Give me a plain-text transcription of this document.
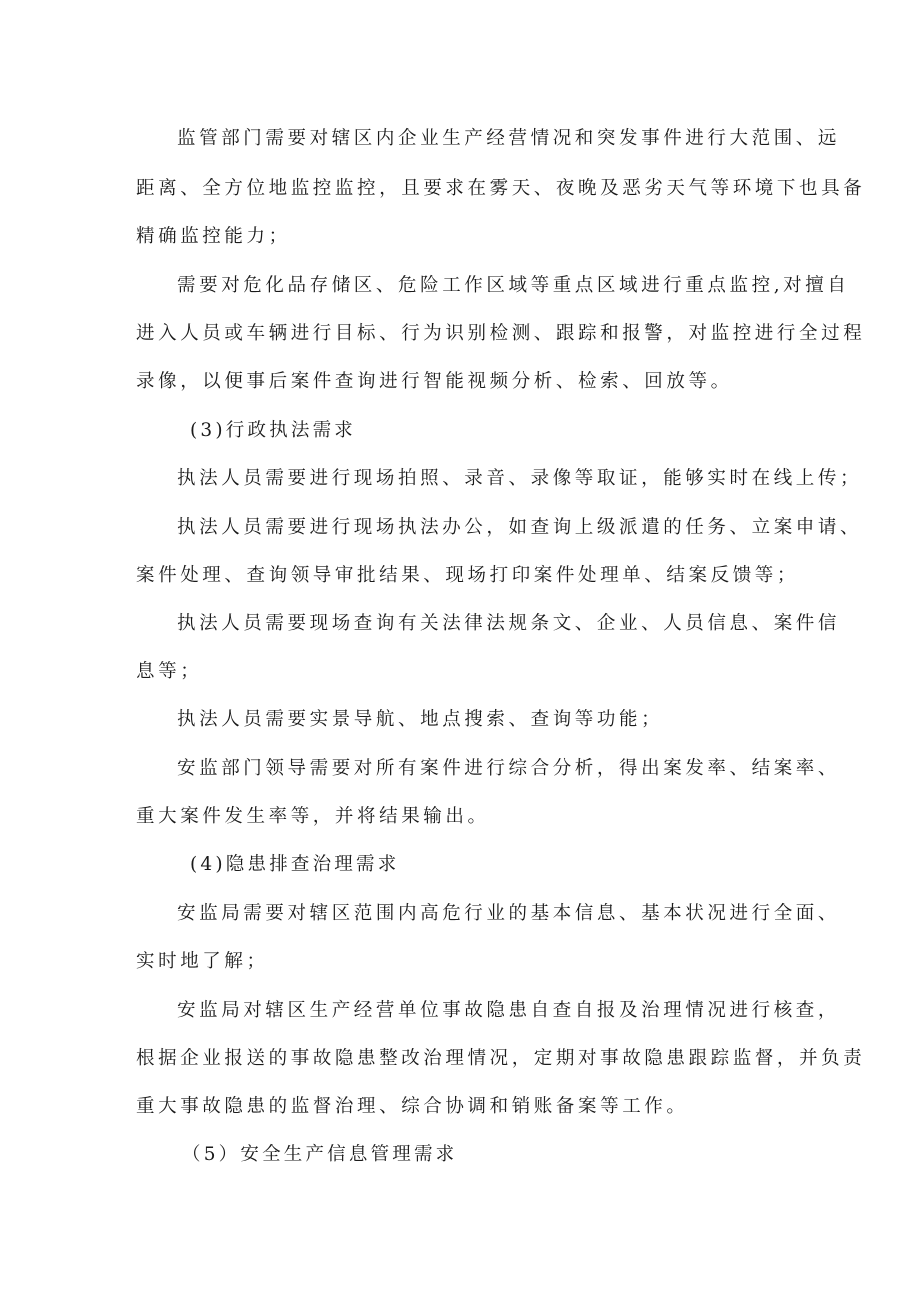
监管部门需要对辖区内企业生产经营情况和突发事件进行大范围、远

距离、全方位地监控监控，且要求在雾天、夜晚及恶劣天气等环境下也具备

精确监控能力；

需要对危化品存储区、危险工作区域等重点区域进行重点监控,对擅自

进入人员或车辆进行目标、行为识别检测、跟踪和报警，对监控进行全过程

录像，以便事后案件查询进行智能视频分析、检索、回放等。

(3)行政执法需求

执法人员需要进行现场拍照、录音、录像等取证，能够实时在线上传；

执法人员需要进行现场执法办公，如查询上级派遣的任务、立案申请、

案件处理、查询领导审批结果、现场打印案件处理单、结案反馈等；

执法人员需要现场查询有关法律法规条文、企业、人员信息、案件信

息等；

执法人员需要实景导航、地点搜索、查询等功能；

安监部门领导需要对所有案件进行综合分析，得出案发率、结案率、

重大案件发生率等，并将结果输出。

(4)隐患排查治理需求

安监局需要对辖区范围内高危行业的基本信息、基本状况进行全面、

实时地了解；

安监局对辖区生产经营单位事故隐患自查自报及治理情况进行核查，

根据企业报送的事故隐患整改治理情况，定期对事故隐患跟踪监督，并负责

重大事故隐患的监督治理、综合协调和销账备案等工作。

（5）安全生产信息管理需求
